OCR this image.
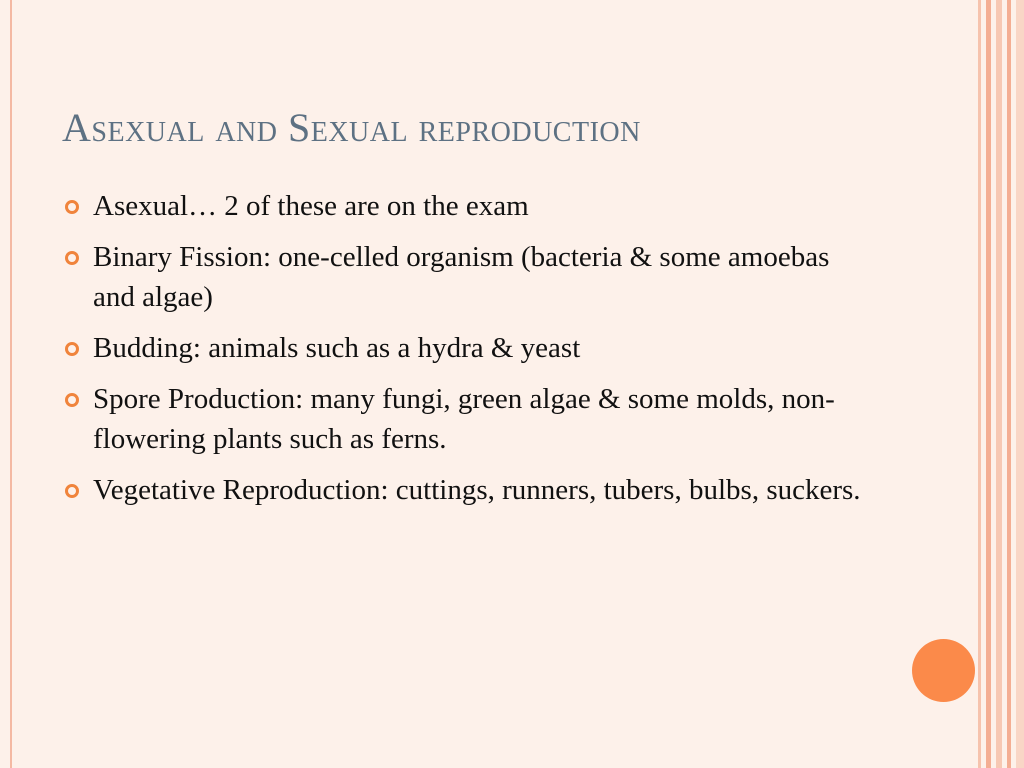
Asexual and Sexual reproduction
Asexual… 2 of these are on the exam
Binary Fission: one-celled organism (bacteria & some amoebas and algae)
Budding: animals such as a hydra & yeast
Spore Production: many fungi, green algae & some molds, non-flowering plants such as ferns.
Vegetative Reproduction: cuttings, runners, tubers, bulbs, suckers.
